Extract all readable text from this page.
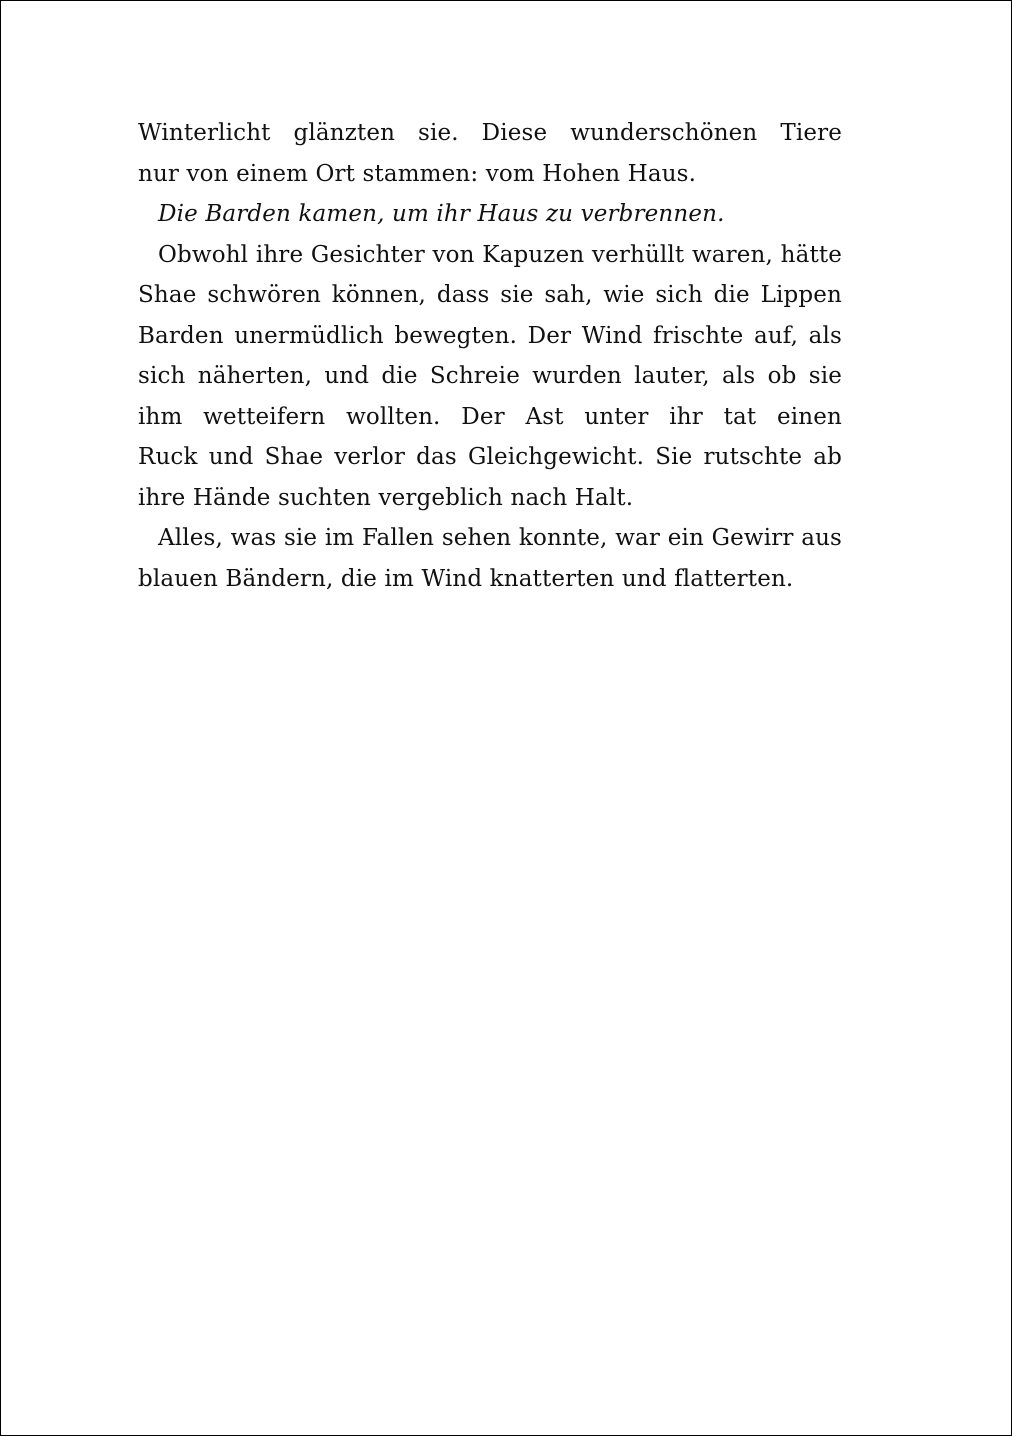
Winterlicht glänzten sie. Diese wunderschönen Tiere
nur von einem Ort stammen: vom Hohen Haus.
Die Barden kamen, um ihr Haus zu verbrennen.
Obwohl ihre Gesichter von Kapuzen verhüllt waren, hätte
Shae schwören können, dass sie sah, wie sich die Lippen
Barden unermüdlich bewegten. Der Wind frischte auf, als
sich näherten, und die Schreie wurden lauter, als ob sie
ihm wetteifern wollten. Der Ast unter ihr tat einen
Ruck und Shae verlor das Gleichgewicht. Sie rutschte ab
ihre Hände suchten vergeblich nach Halt.
Alles, was sie im Fallen sehen konnte, war ein Gewirr aus
blauen Bändern, die im Wind knatterten und flatterten.
